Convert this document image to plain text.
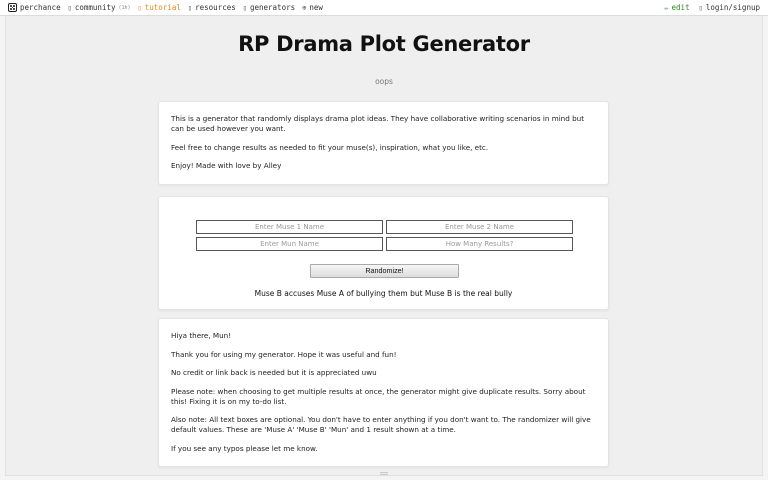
perchance ▯ community (1h) ▯ tutorial ▯ resources ▯ generators ⊕ new	✏ edit ▯ login/signup
RP Drama Plot Generator
oops

This is a generator that randomly displays drama plot ideas. They have collaborative writing scenarios in mind but can be used however you want.

Feel free to change results as needed to fit your muse(s), inspiration, what you like, etc.

Enjoy! Made with love by Alley

Enter Muse 1 Name
Enter Muse 2 Name
Enter Mun Name
How Many Results?
Randomize!
Muse B accuses Muse A of bullying them but Muse B is the real bully

Hiya there, Mun!

Thank you for using my generator. Hope it was useful and fun!

No credit or link back is needed but it is appreciated uwu

Please note: when choosing to get multiple results at once, the generator might give duplicate results. Sorry about this! Fixing it is on my to-do list.

Also note: All text boxes are optional. You don't have to enter anything if you don't want to. The randomizer will give default values. These are 'Muse A' 'Muse B' 'Mun' and 1 result shown at a time.

If you see any typos please let me know.
